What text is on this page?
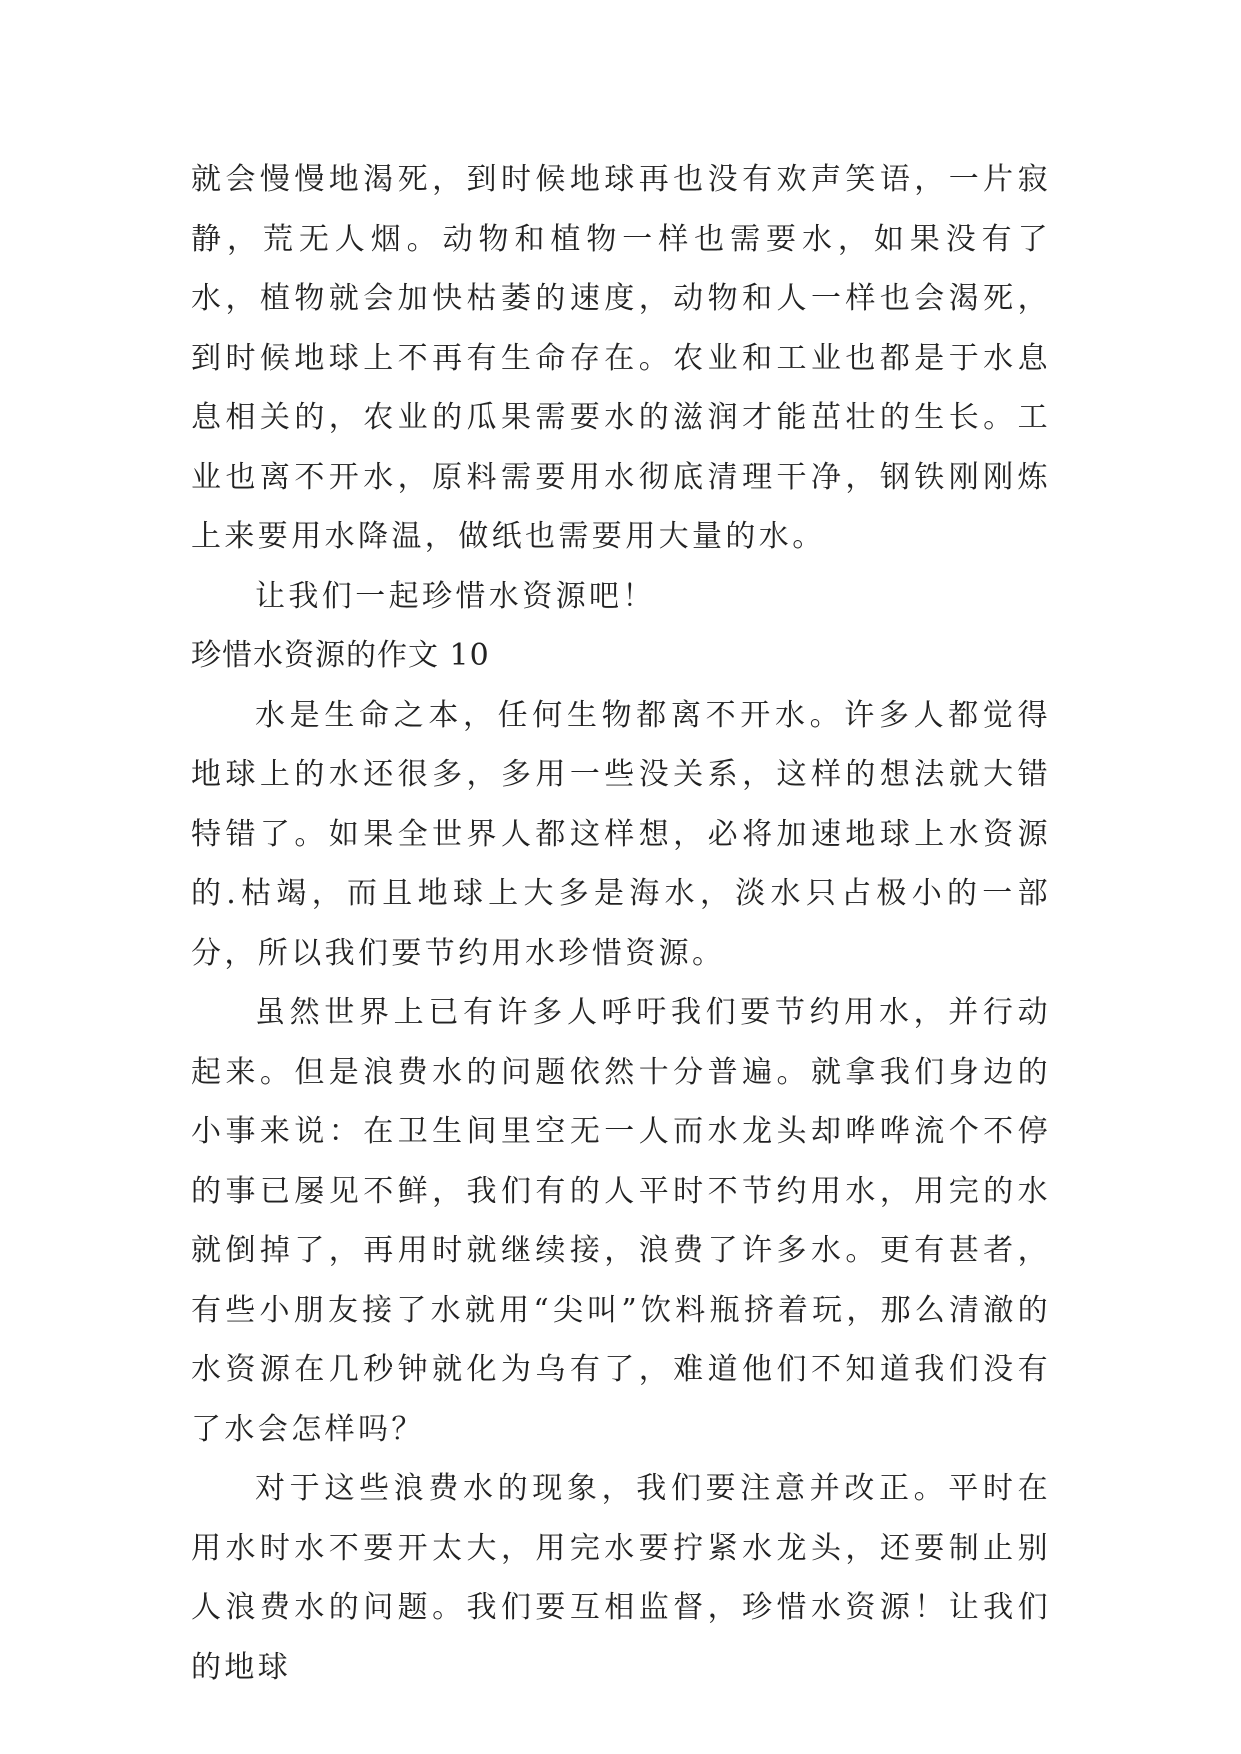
就会慢慢地渴死，到时候地球再也没有欢声笑语，一片寂静，荒无人烟。动物和植物一样也需要水，如果没有了水，植物就会加快枯萎的速度，动物和人一样也会渴死，到时候地球上不再有生命存在。农业和工业也都是于水息息相关的，农业的瓜果需要水的滋润才能茁壮的生长。工业也离不开水，原料需要用水彻底清理干净，钢铁刚刚炼上来要用水降温，做纸也需要用大量的水。

让我们一起珍惜水资源吧！

珍惜水资源的作文 10

水是生命之本，任何生物都离不开水。许多人都觉得地球上的水还很多，多用一些没关系，这样的想法就大错特错了。如果全世界人都这样想，必将加速地球上水资源的.枯竭，而且地球上大多是海水，淡水只占极小的一部分，所以我们要节约用水珍惜资源。

虽然世界上已有许多人呼吁我们要节约用水，并行动起来。但是浪费水的问题依然十分普遍。就拿我们身边的小事来说：在卫生间里空无一人而水龙头却哗哗流个不停的事已屡见不鲜，我们有的人平时不节约用水，用完的水就倒掉了，再用时就继续接，浪费了许多水。更有甚者，有些小朋友接了水就用“尖叫”饮料瓶挤着玩，那么清澈的水资源在几秒钟就化为乌有了，难道他们不知道我们没有了水会怎样吗？

对于这些浪费水的现象，我们要注意并改正。平时在用水时水不要开太大，用完水要拧紧水龙头，还要制止别人浪费水的问题。我们要互相监督，珍惜水资源！让我们的地球
